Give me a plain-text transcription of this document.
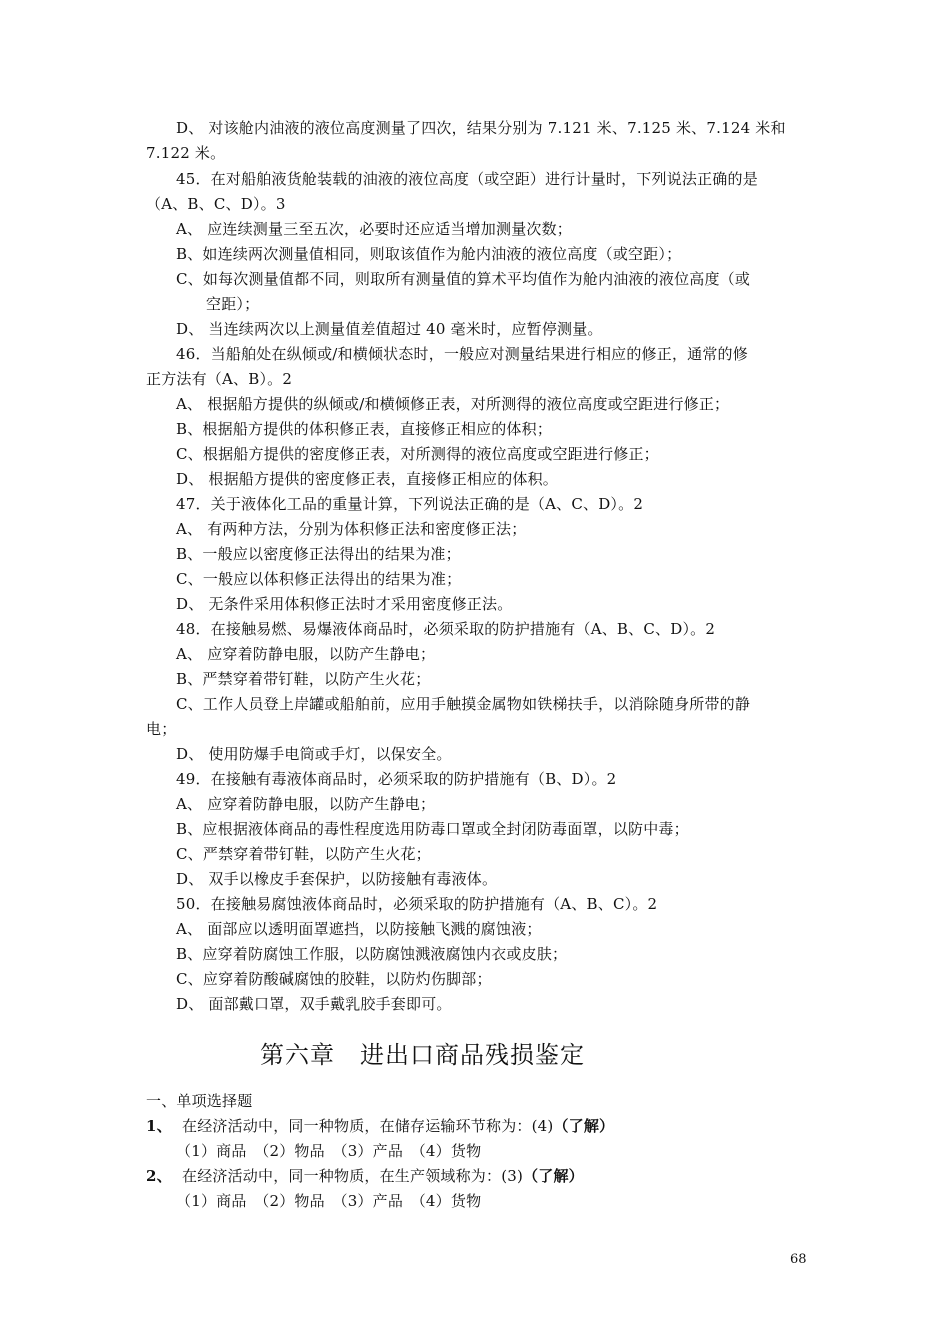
D、 对该舱内油液的液位高度测量了四次，结果分别为 7.121 米、7.125 米、7.124 米和
7.122 米。
45．在对船舶液货舱装载的油液的液位高度（或空距）进行计量时，下列说法正确的是
（A、B、C、D）。3
A、 应连续测量三至五次，必要时还应适当增加测量次数；
B、如连续两次测量值相同，则取该值作为舱内油液的液位高度（或空距）；
C、如每次测量值都不同，则取所有测量值的算术平均值作为舱内油液的液位高度（或
空距）；
D、 当连续两次以上测量值差值超过 40 毫米时，应暂停测量。
46．当船舶处在纵倾或/和横倾状态时，一般应对测量结果进行相应的修正，通常的修
正方法有（A、B）。2
A、 根据船方提供的纵倾或/和横倾修正表，对所测得的液位高度或空距进行修正；
B、根据船方提供的体积修正表，直接修正相应的体积；
C、根据船方提供的密度修正表，对所测得的液位高度或空距进行修正；
D、 根据船方提供的密度修正表，直接修正相应的体积。
47．关于液体化工品的重量计算，下列说法正确的是（A、C、D）。2
A、 有两种方法，分别为体积修正法和密度修正法；
B、一般应以密度修正法得出的结果为准；
C、一般应以体积修正法得出的结果为准；
D、 无条件采用体积修正法时才采用密度修正法。
48．在接触易燃、易爆液体商品时，必须采取的防护措施有（A、B、C、D）。2
A、 应穿着防静电服，以防产生静电；
B、严禁穿着带钉鞋，以防产生火花；
C、工作人员登上岸罐或船舶前，应用手触摸金属物如铁梯扶手，以消除随身所带的静
电；
D、 使用防爆手电筒或手灯，以保安全。
49．在接触有毒液体商品时，必须采取的防护措施有（B、D）。2
A、 应穿着防静电服，以防产生静电；
B、应根据液体商品的毒性程度选用防毒口罩或全封闭防毒面罩，以防中毒；
C、严禁穿着带钉鞋，以防产生火花；
D、 双手以橡皮手套保护，以防接触有毒液体。
50．在接触易腐蚀液体商品时，必须采取的防护措施有（A、B、C）。2
A、 面部应以透明面罩遮挡，以防接触飞溅的腐蚀液；
B、应穿着防腐蚀工作服，以防腐蚀溅液腐蚀内衣或皮肤；
C、应穿着防酸碱腐蚀的胶鞋，以防灼伤脚部；
D、 面部戴口罩，双手戴乳胶手套即可。
第六章　进出口商品残损鉴定
一、单项选择题
1、 在经济活动中，同一种物质，在储存运输环节称为：(4)（了解）
（1）商品　（2）物品　（3）产品　（4）货物
2、 在经济活动中，同一种物质，在生产领域称为：(3)（了解）
（1）商品　（2）物品　（3）产品　（4）货物
68
